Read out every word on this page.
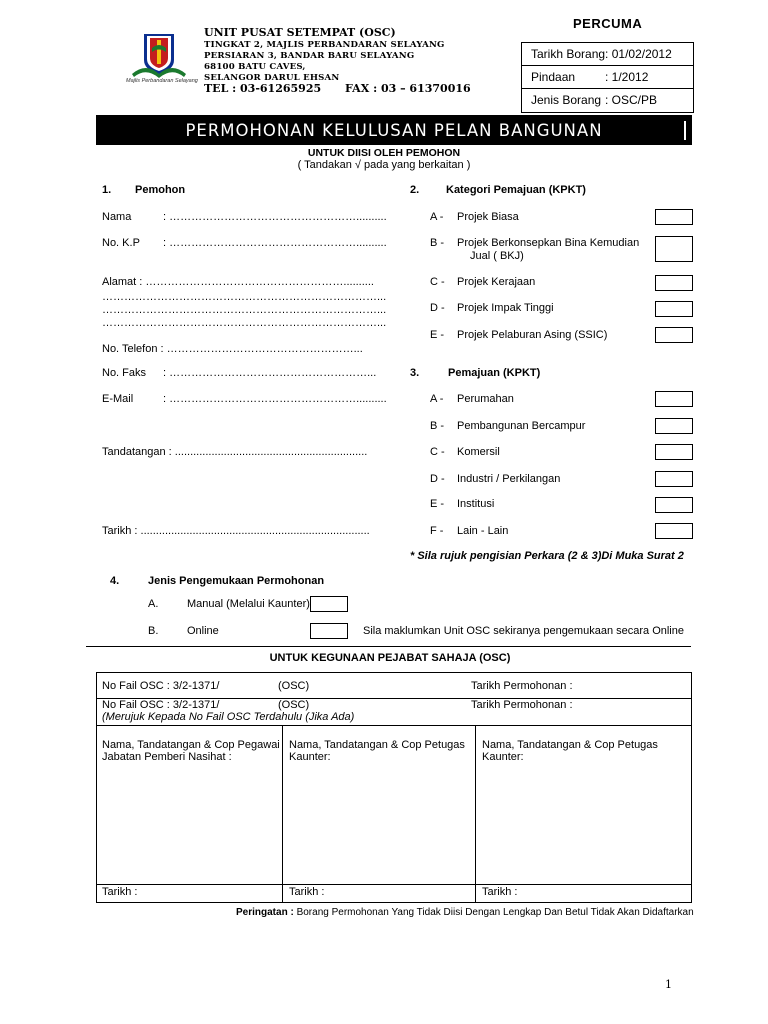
Majlis Perbandaran Selayang
UNIT PUSAT SETEMPAT (OSC)
TINGKAT 2, MAJLIS PERBANDARAN SELAYANG
PERSIARAN 3, BANDAR BARU SELAYANG
68100 BATU CAVES,
SELANGOR DARUL EHSAN
TEL : 03-61265925 FAX : 03 – 61370016
PERCUMA
Tarikh Borang: 01/02/2012
Pindaan : 1/2012
Jenis Borang : OSC/PB
PERMOHONAN KELULUSAN PELAN BANGUNAN
UNTUK DIISI OLEH PEMOHON
( Tandakan √ pada yang berkaitan )
1. Pemohon
Nama	: ……………………………………………..........
No. K.P : ……………………………………………..........
Alamat : ………………………………………………..........
…………………………………………………………………...
…………………………………………………………………...
…………………………………………………………………...
No. Telefon : ……………………………………………...
No. Faks : ………………………………………………...
E-Mail	: ……………………………………………..........
Tandatangan : ...............................................................
Tarikh : ...........................................................................
2. Kategori Pemajuan (KPKT)
A - Projek Biasa
B - Projek Berkonsepkan Bina Kemudian
Jual ( BKJ)
C - Projek Kerajaan
D - Projek Impak Tinggi
E - Projek Pelaburan Asing (SSIC)
3.	Pemajuan (KPKT)
A - Perumahan
B - Pembangunan Bercampur
C - Komersil
D - Industri / Perkilangan
E - Institusi
F - Lain - Lain
* Sila rujuk pengisian Perkara (2 & 3)Di Muka Surat 2
4.	Jenis Pengemukaan Permohonan
A.	Manual (Melalui Kaunter)
B.	Online	Sila maklumkan Unit OSC sekiranya pengemukaan secara Online
UNTUK KEGUNAAN PEJABAT SAHAJA (OSC)
No Fail OSC : 3/2-1371/	(OSC)	Tarikh Permohonan :
No Fail OSC : 3/2-1371/	(OSC)	Tarikh Permohonan :
(Merujuk Kepada No Fail OSC Terdahulu (Jika Ada)
Nama, Tandatangan & Cop Pegawai
Jabatan Pemberi Nasihat :
Nama, Tandatangan & Cop Petugas
Kaunter:
Nama, Tandatangan & Cop Petugas
Kaunter:
Tarikh :	Tarikh :	Tarikh :
Peringatan : Borang Permohonan Yang Tidak Diisi Dengan Lengkap Dan Betul Tidak Akan Didaftarkan
1
